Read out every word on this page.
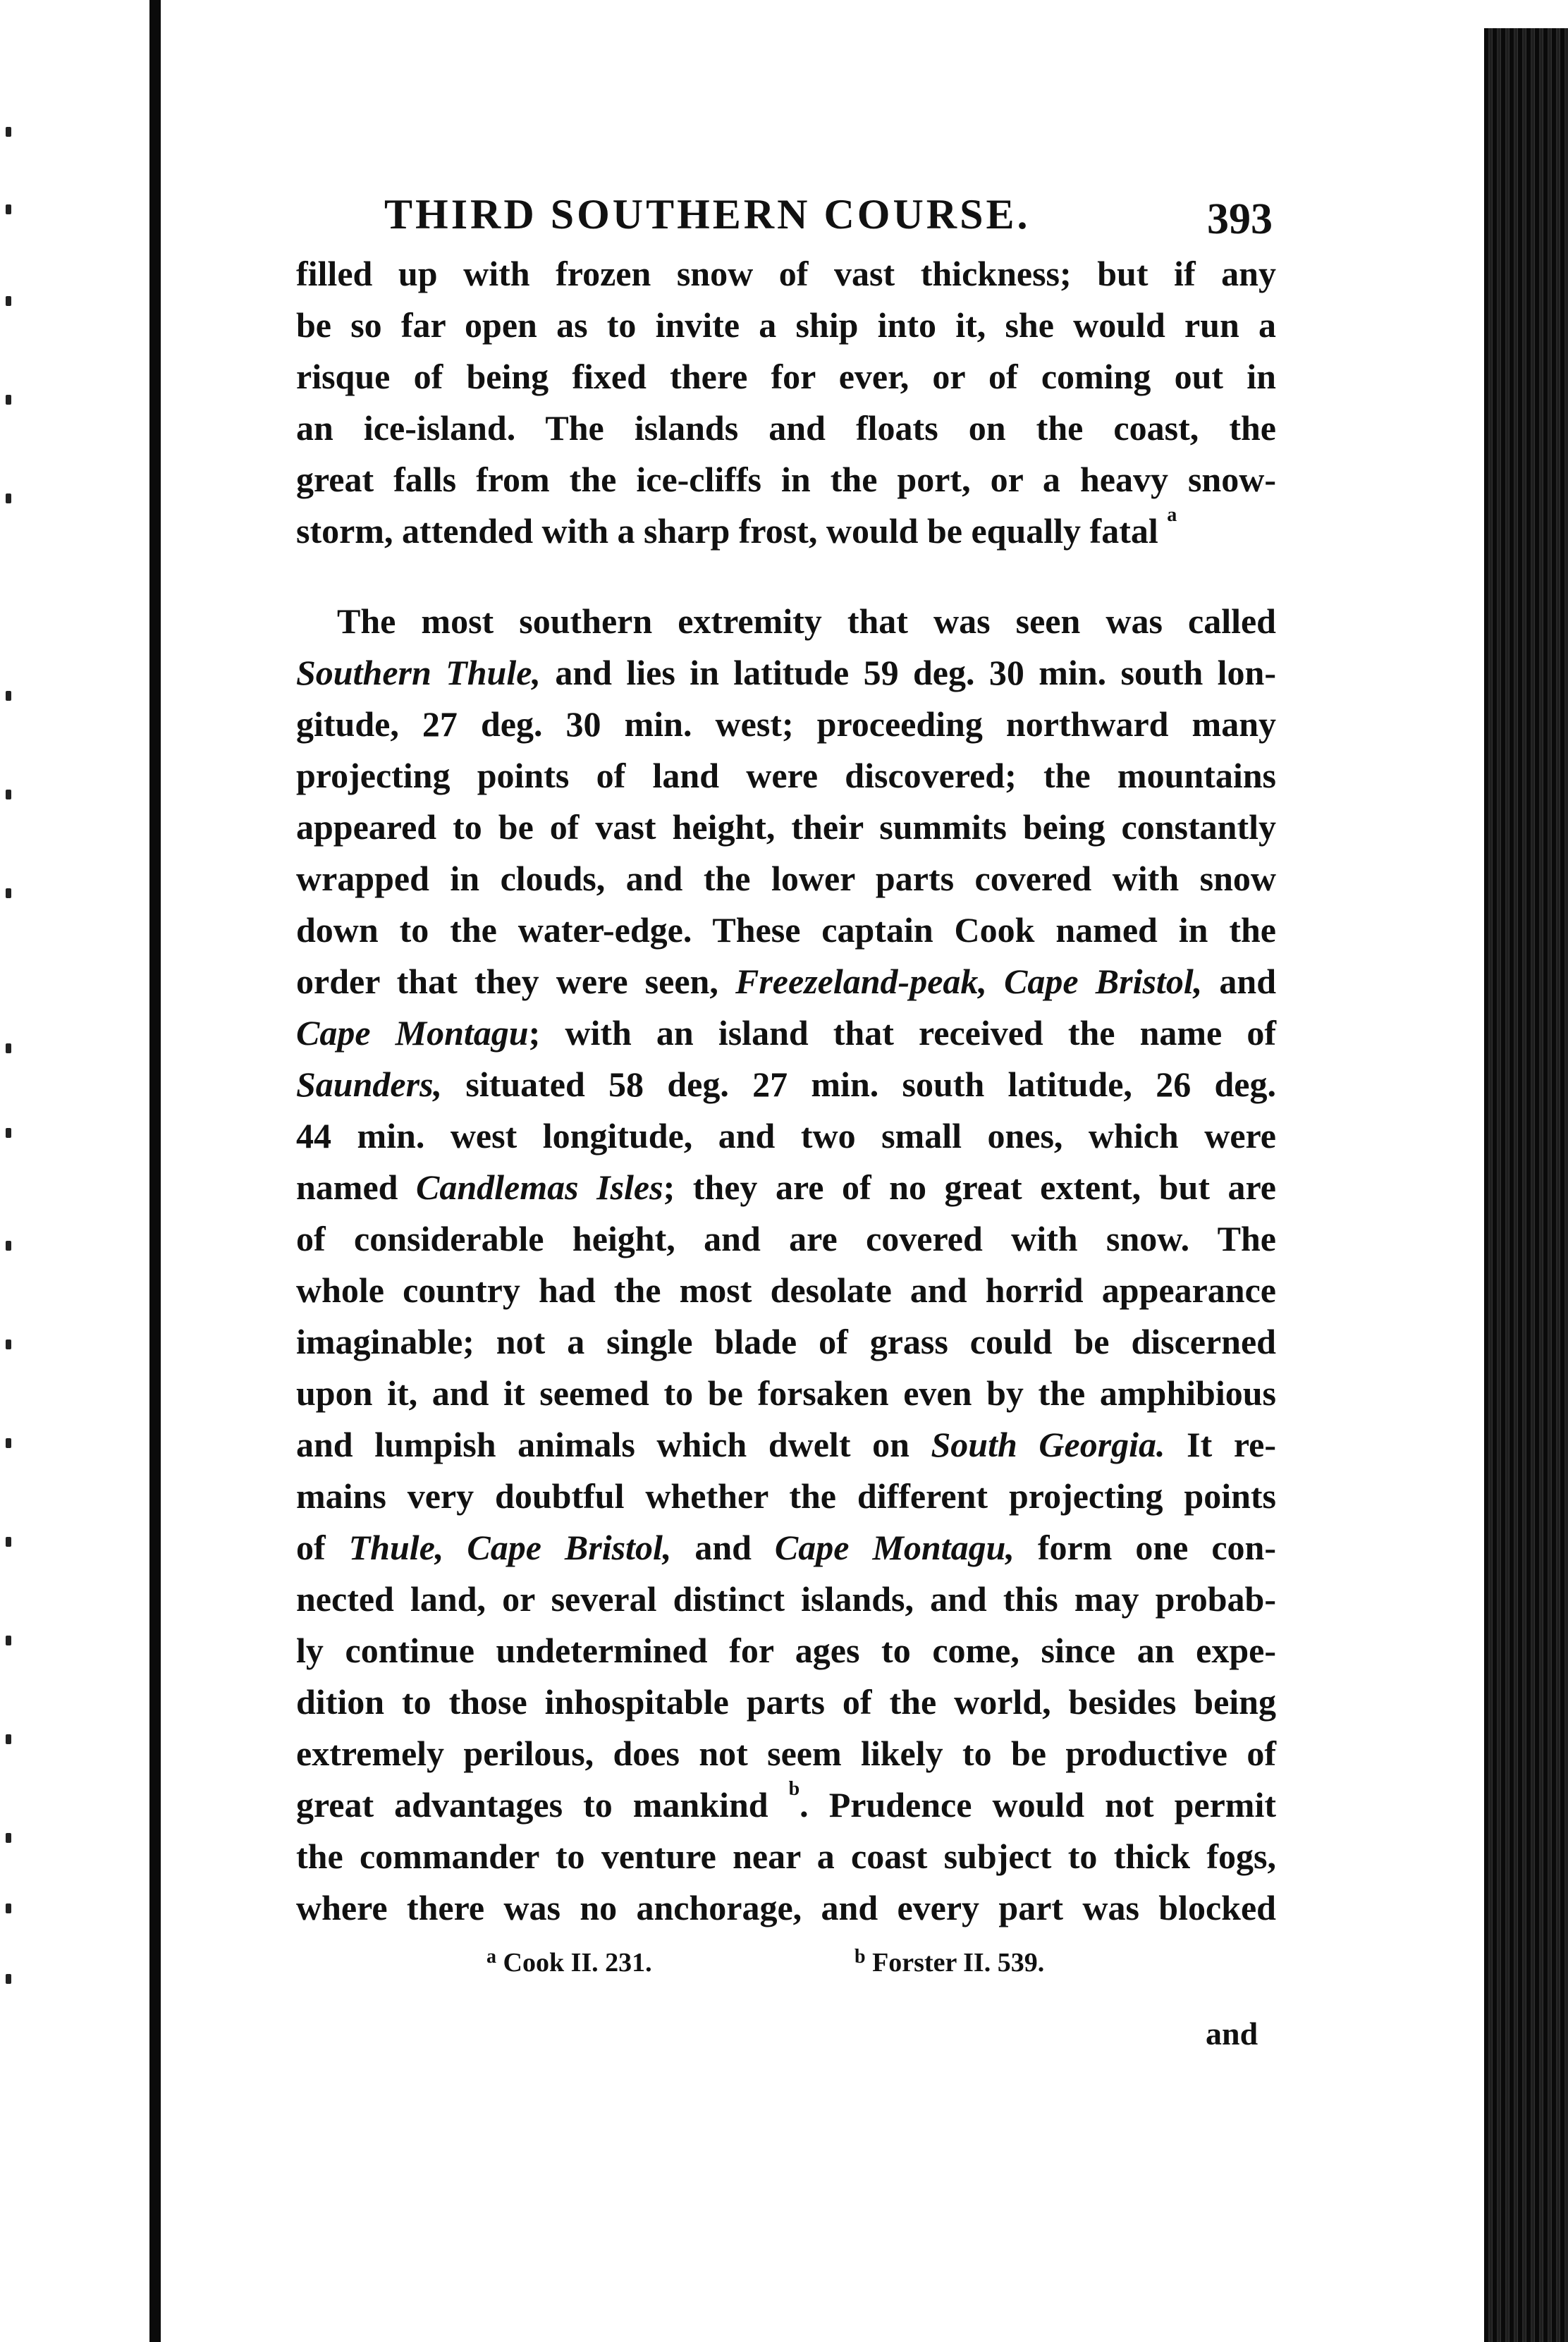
THIRD SOUTHERN COURSE.	393
filled up with frozen snow of vast thickness; but if any
be so far open as to invite a ship into it, she would run a
risque of being fixed there for ever, or of coming out in
an ice-island. The islands and floats on the coast, the
great falls from the ice-cliffs in the port, or a heavy snow-
storm, attended with a sharp frost, would be equally fatal $^a$
The most southern extremity that was seen was called
Southern Thule, and lies in latitude 59 deg. 30 min. south lon-
gitude, 27 deg. 30 min. west; proceeding northward many
projecting points of land were discovered; the mountains
appeared to be of vast height, their summits being constantly
wrapped in clouds, and the lower parts covered with snow
down to the water-edge. These captain Cook named in the
order that they were seen, Freezeland-peak, Cape Bristol, and
Cape Montagu; with an island that received the name of
Saunders, situated 58 deg. 27 min. south latitude, 26 deg.
44 min. west longitude, and two small ones, which were
named Candlemas Isles; they are of no great extent, but are
of considerable height, and are covered with snow. The
whole country had the most desolate and horrid appearance
imaginable; not a single blade of grass could be discerned
upon it, and it seemed to be forsaken even by the amphibious
and lumpish animals which dwelt on South Georgia. It re-
mains very doubtful whether the different projecting points
of Thule, Cape Bristol, and Cape Montagu, form one con-
nected land, or several distinct islands, and this may probab-
ly continue undetermined for ages to come, since an expe-
dition to those inhospitable parts of the world, besides being
extremely perilous, does not seem likely to be productive of
great advantages to mankind $^b$. Prudence would not permit
the commander to venture near a coast subject to thick fogs,
where there was no anchorage, and every part was blocked
$^a$ Cook II. 231.	$^b$ Forster II. 539.
and
